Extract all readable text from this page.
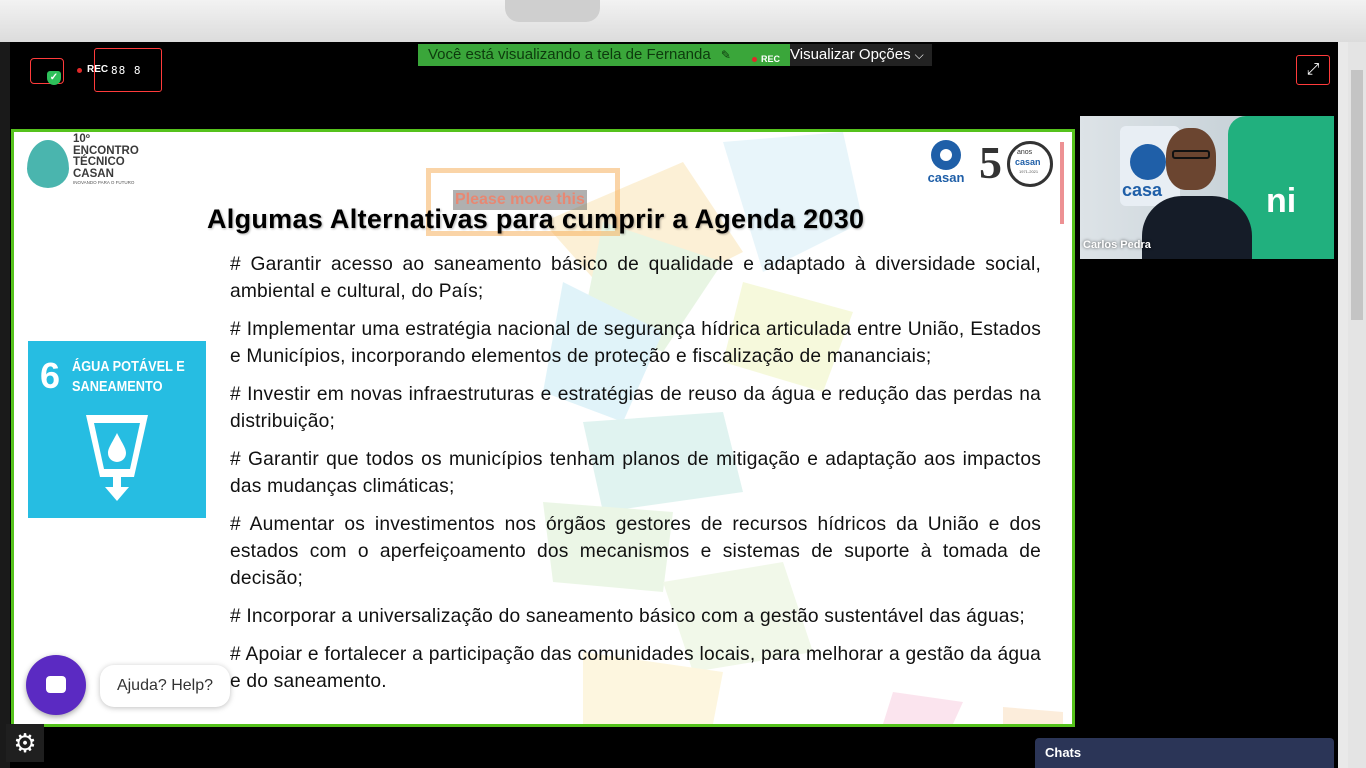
✓
REC 88 8
Você está visualizando a tela de Fernanda ✎	REC Visualizar Opções ⌵
⤢
10º
ENCONTRO
TÉCNICO
CASAN
INOVANDO PARA O FUTURO	casan 5 anos
casan
1971-2021
Please move this
Algumas Alternativas para cumprir a Agenda 2030
6 ÁGUA POTÁVEL E SANEAMENTO

# Garantir acesso ao saneamento básico de qualidade e adaptado à diversidade social, ambiental e cultural, do País;

# Implementar uma estratégia nacional de segurança hídrica articulada entre União, Estados e Municípios, incorporando elementos de proteção e fiscalização de mananciais;

# Investir em novas infraestruturas e estratégias de reuso da água e redução das perdas na distribuição;

# Garantir que todos os municípios tenham planos de mitigação e adaptação aos impactos das mudanças climáticas;

# Aumentar os investimentos nos órgãos gestores de recursos hídricos da União e dos estados com o aperfeiçoamento dos mecanismos e sistemas de suporte à tomada de decisão;

# Incorporar a universalização do saneamento básico com a gestão sustentável das águas;

# Apoiar e fortalecer a participação das comunidades locais, para melhorar a gestão da água e do saneamento.

casa	ni
Carlos Pedra
Chats
Ajuda? Help?
⚙
